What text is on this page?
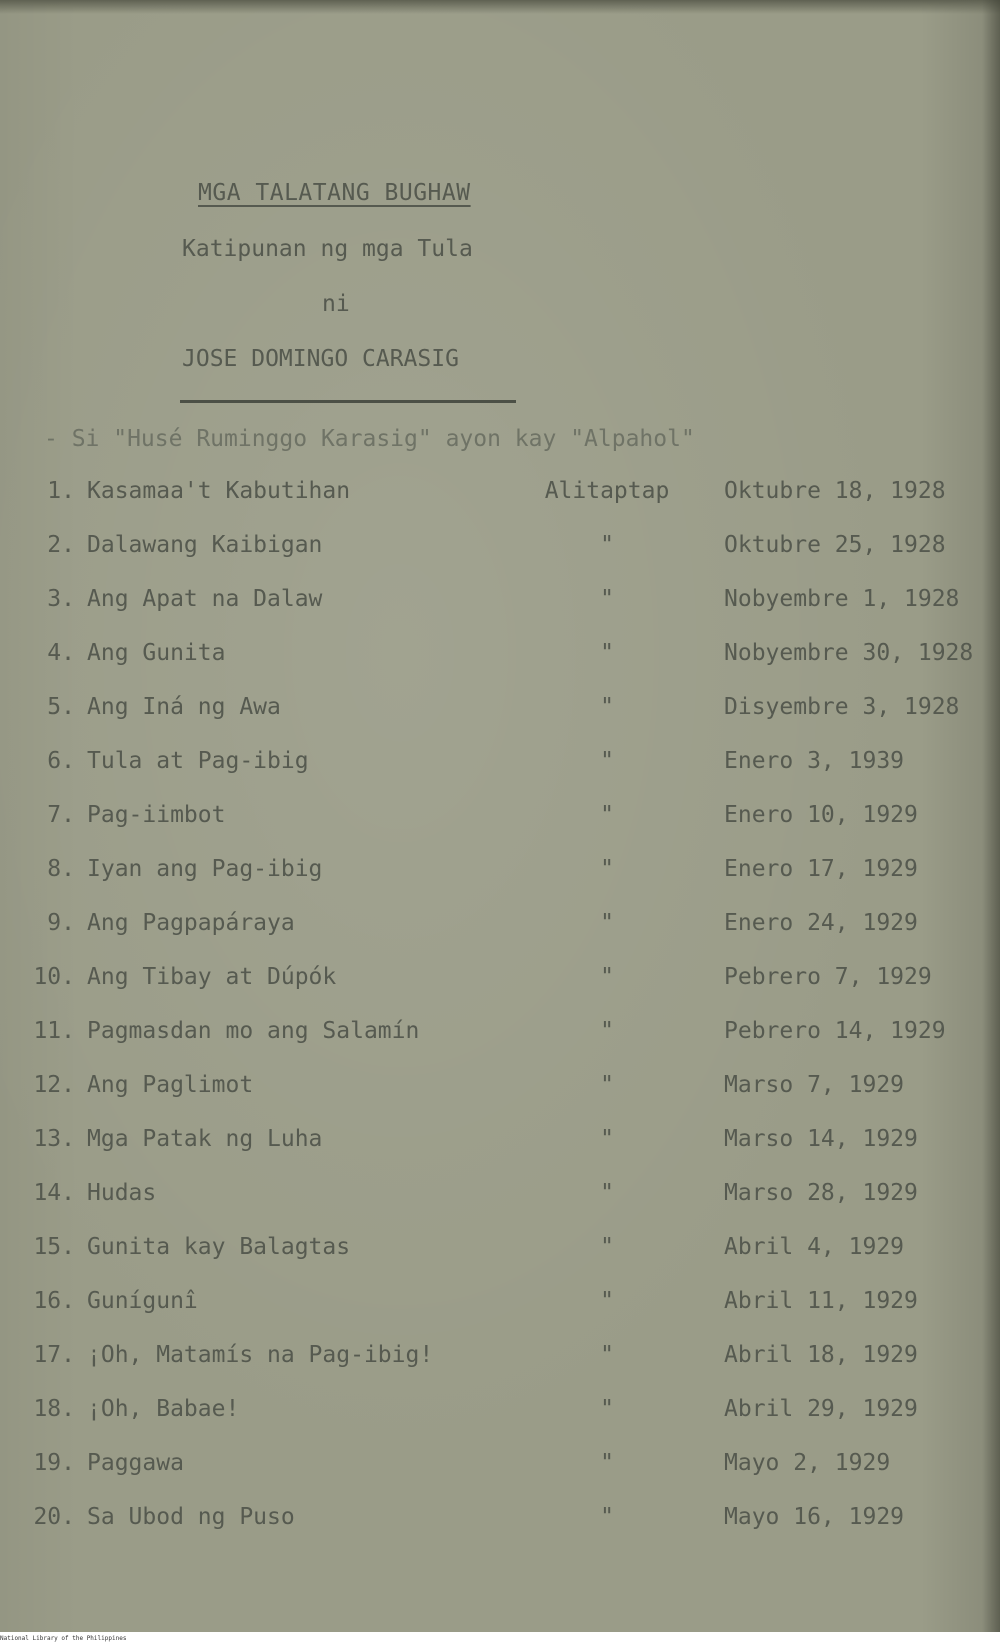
MGA TALATANG BUGHAW
Katipunan ng mga Tula
ni
JOSE DOMINGO CARASIG
- Si "Husé Ruminggo Karasig" ayon kay "Alpahol"
1. Kasamaa't Kabutihan	Alitaptap	Oktubre 18, 1928
2. Dalawang Kaibigan	"	Oktubre 25, 1928
3. Ang Apat na Dalaw	"	Nobyembre 1, 1928
4. Ang Gunita	"	Nobyembre 30, 1928
5. Ang Iná ng Awa	"	Disyembre 3, 1928
6. Tula at Pag-ibig	"	Enero 3, 1939
7. Pag-iimbot	"	Enero 10, 1929
8. Iyan ang Pag-ibig	"	Enero 17, 1929
9. Ang Pagpapáraya	"	Enero 24, 1929
10. Ang Tibay at Dúpók	"	Pebrero 7, 1929
11. Pagmasdan mo ang Salamín	"	Pebrero 14, 1929
12. Ang Paglimot	"	Marso 7, 1929
13. Mga Patak ng Luha	"	Marso 14, 1929
14. Hudas	"	Marso 28, 1929
15. Gunita kay Balagtas	"	Abril 4, 1929
16. Gunígunî	"	Abril 11, 1929
17. ¡Oh, Matamís na Pag-ibig!	"	Abril 18, 1929
18. ¡Oh, Babae!	"	Abril 29, 1929
19. Paggawa	"	Mayo 2, 1929
20. Sa Ubod ng Puso	"	Mayo 16, 1929
National Library of the Philippines
